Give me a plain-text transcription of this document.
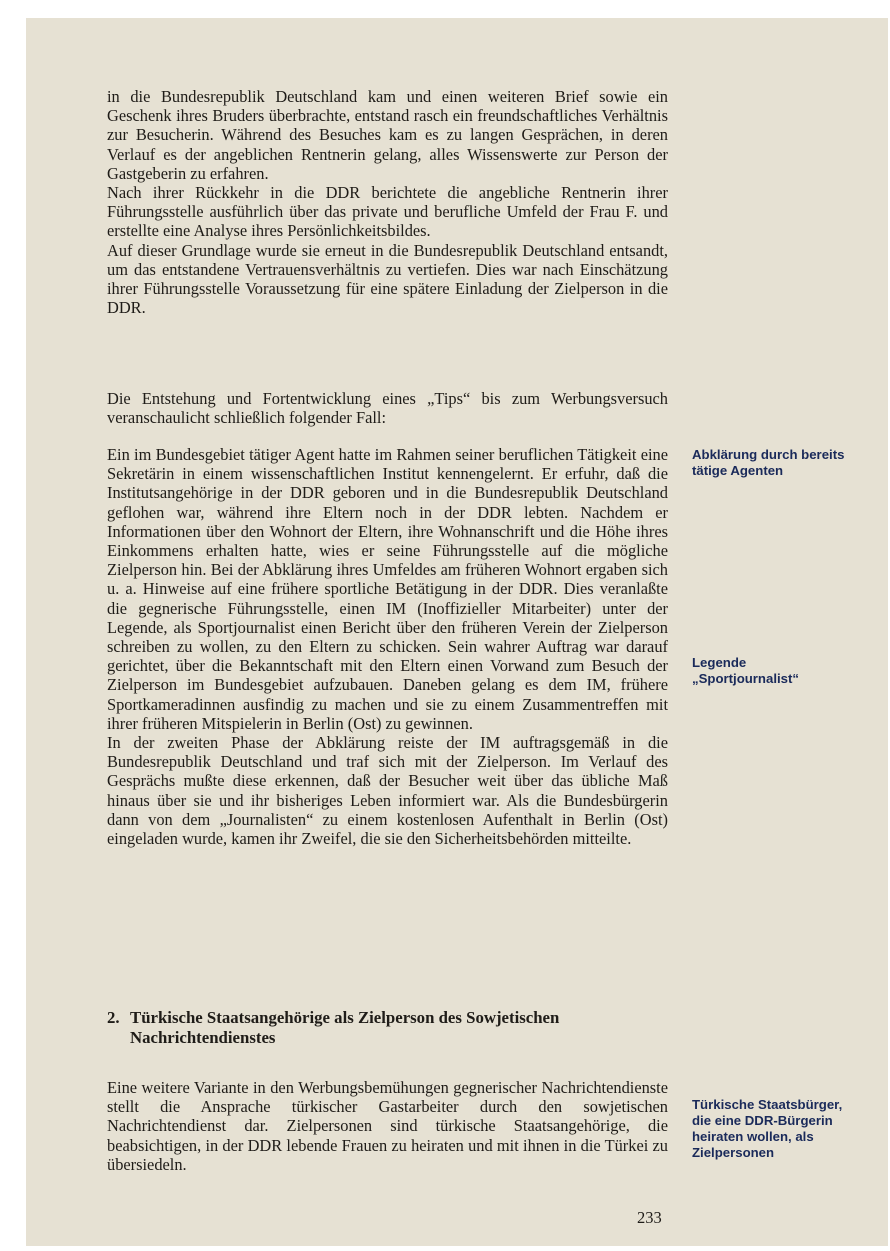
in die Bundesrepublik Deutschland kam und einen weiteren Brief sowie ein Geschenk ihres Bruders überbrachte, entstand rasch ein freundschaftliches Verhältnis zur Besucherin. Während des Besuches kam es zu langen Gesprächen, in deren Verlauf es der angeblichen Rentnerin gelang, alles Wissenswerte zur Person der Gastgeberin zu erfahren.

Nach ihrer Rückkehr in die DDR berichtete die angebliche Rentnerin ihrer Führungsstelle ausführlich über das private und berufliche Umfeld der Frau F. und erstellte eine Analyse ihres Persönlichkeitsbildes.

Auf dieser Grundlage wurde sie erneut in die Bundesrepublik Deutschland entsandt, um das entstandene Vertrauensverhältnis zu vertiefen. Dies war nach Einschätzung ihrer Führungsstelle Voraussetzung für eine spätere Einladung der Zielperson in die DDR.

Die Entstehung und Fortentwicklung eines „Tips“ bis zum Werbungsversuch veranschaulicht schließlich folgender Fall:

Ein im Bundesgebiet tätiger Agent hatte im Rahmen seiner beruflichen Tätigkeit eine Sekretärin in einem wissenschaftlichen Institut kennengelernt. Er erfuhr, daß die Institutsangehörige in der DDR geboren und in die Bundesrepublik Deutschland geflohen war, während ihre Eltern noch in der DDR lebten. Nachdem er Informationen über den Wohnort der Eltern, ihre Wohnanschrift und die Höhe ihres Einkommens erhalten hatte, wies er seine Führungsstelle auf die mögliche Zielperson hin. Bei der Abklärung ihres Umfeldes am früheren Wohnort ergaben sich u. a. Hinweise auf eine frühere sportliche Betätigung in der DDR. Dies veranlaßte die gegnerische Führungsstelle, einen IM (Inoffizieller Mitarbeiter) unter der Legende, als Sportjournalist einen Bericht über den früheren Verein der Zielperson schreiben zu wollen, zu den Eltern zu schicken. Sein wahrer Auftrag war darauf gerichtet, über die Bekanntschaft mit den Eltern einen Vorwand zum Besuch der Zielperson im Bundesgebiet aufzubauen. Daneben gelang es dem IM, frühere Sportkameradinnen ausfindig zu machen und sie zu einem Zusammentreffen mit ihrer früheren Mitspielerin in Berlin (Ost) zu gewinnen.

In der zweiten Phase der Abklärung reiste der IM auftragsgemäß in die Bundesrepublik Deutschland und traf sich mit der Zielperson. Im Verlauf des Gesprächs mußte diese erkennen, daß der Besucher weit über das übliche Maß hinaus über sie und ihr bisheriges Leben informiert war. Als die Bundesbürgerin dann von dem „Journalisten“ zu einem kostenlosen Aufenthalt in Berlin (Ost) eingeladen wurde, kamen ihr Zweifel, die sie den Sicherheitsbehörden mitteilte.

2. Türkische Staatsangehörige als Zielperson des Sowjetischen Nachrichtendienstes

Eine weitere Variante in den Werbungsbemühungen gegnerischer Nachrichtendienste stellt die Ansprache türkischer Gastarbeiter durch den sowjetischen Nachrichtendienst dar. Zielpersonen sind türkische Staatsangehörige, die beabsichtigen, in der DDR lebende Frauen zu heiraten und mit ihnen in die Türkei zu übersiedeln.

Abklärung durch bereits tätige Agenten
Legende „Sportjournalist“
Türkische Staatsbürger, die eine DDR-Bürgerin heiraten wollen, als Zielpersonen
233
